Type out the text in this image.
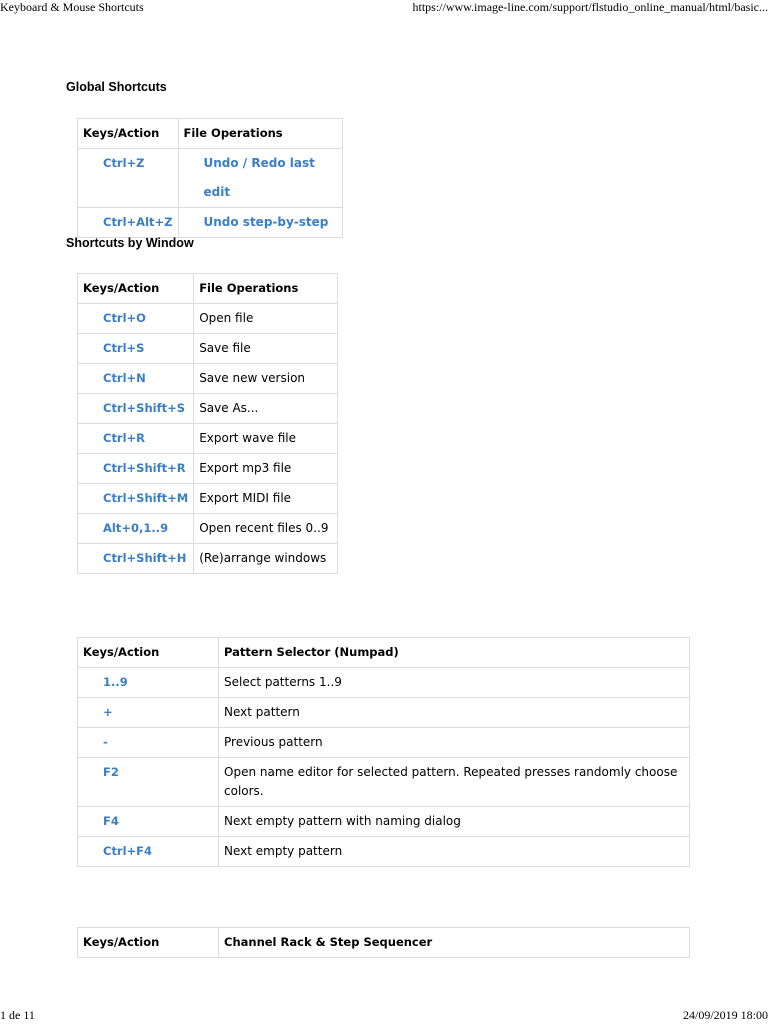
Keyboard & Mouse Shortcuts	https://www.image-line.com/support/flstudio_online_manual/html/basic...
Global Shortcuts
Keys/Action	File Operations
Ctrl+Z	Undo / Redo last edit
Ctrl+Alt+Z	Undo step-by-step
Shortcuts by Window
Keys/Action	File Operations
Ctrl+O	Open file
Ctrl+S	Save file
Ctrl+N	Save new version
Ctrl+Shift+S	Save As...
Ctrl+R	Export wave file
Ctrl+Shift+R	Export mp3 file
Ctrl+Shift+M	Export MIDI file
Alt+0,1..9	Open recent files 0..9
Ctrl+Shift+H	(Re)arrange windows
Keys/Action	Pattern Selector (Numpad)
1..9	Select patterns 1..9
+	Next pattern
-	Previous pattern
F2	Open name editor for selected pattern. Repeated presses randomly choose colors.
F4	Next empty pattern with naming dialog
Ctrl+F4	Next empty pattern
Keys/Action	Channel Rack & Step Sequencer
1 de 11	24/09/2019 18:00
